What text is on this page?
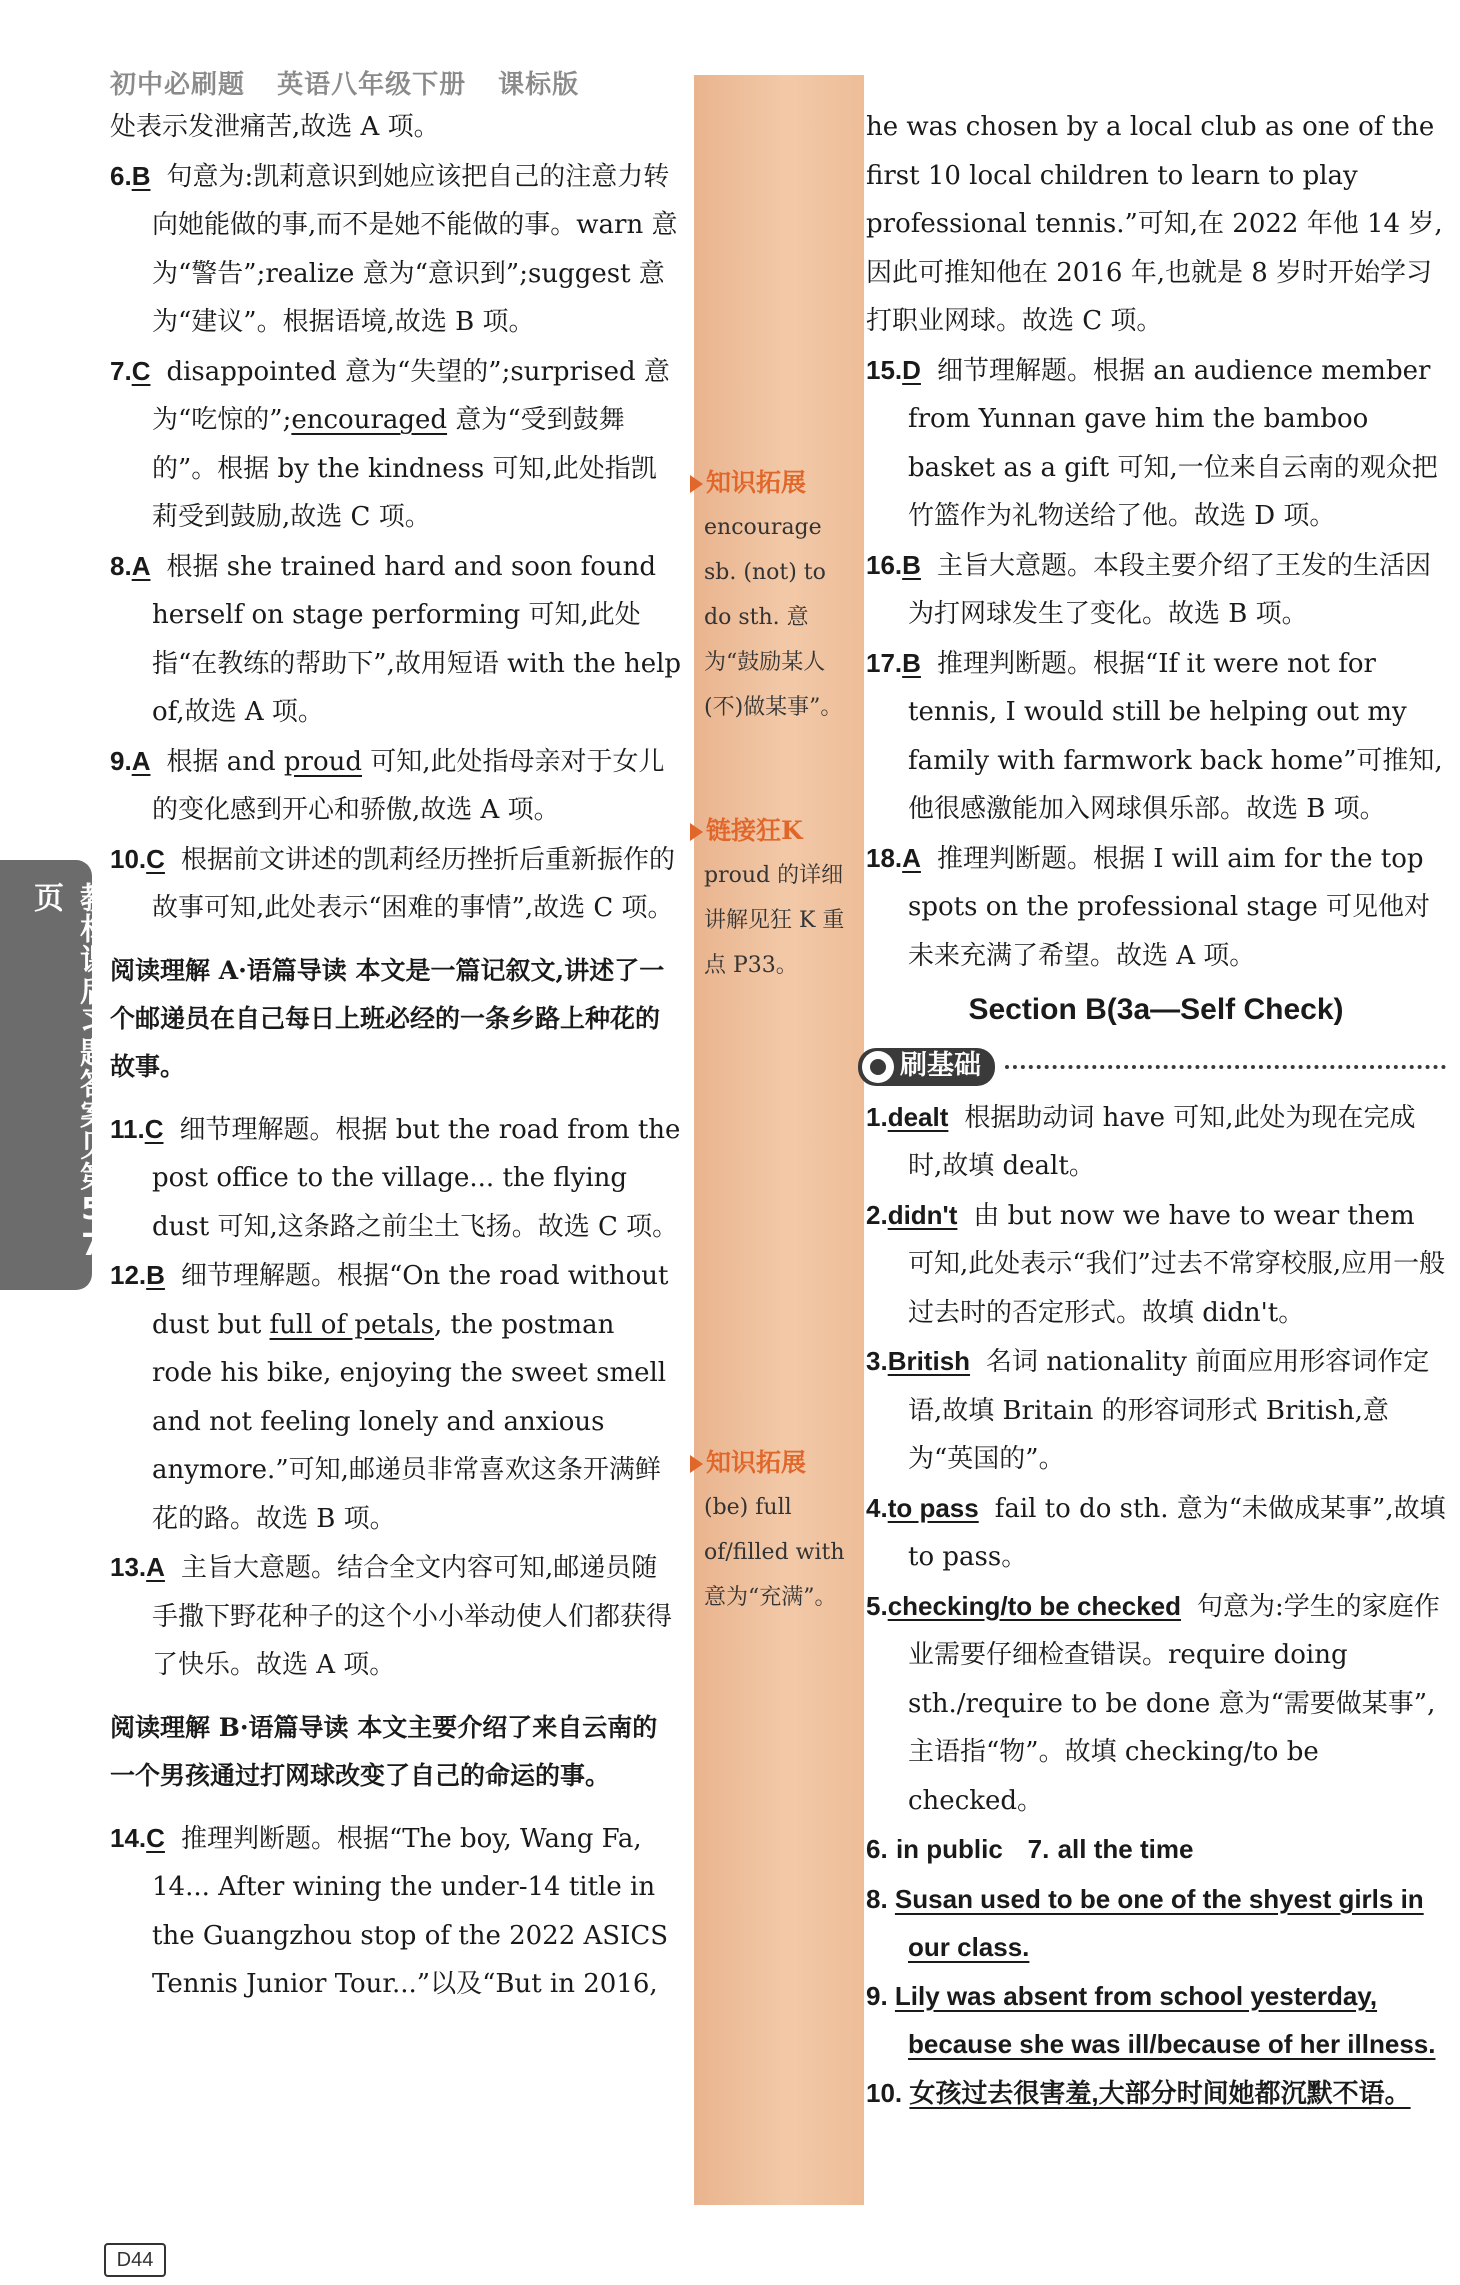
初中必刷题 英语八年级下册 课标版
教材课后习题答案见第57页

处表示发泄痛苦,故选 A 项。

6.B 句意为:凯莉意识到她应该把自己的注意力转向她能做的事,而不是她不能做的事。warn 意为“警告”;realize 意为“意识到”;suggest 意为“建议”。根据语境,故选 B 项。

7.C disappointed 意为“失望的”;surprised 意为“吃惊的”;encouraged 意为“受到鼓舞的”。根据 by the kindness 可知,此处指凯莉受到鼓励,故选 C 项。

8.A 根据 she trained hard and soon found herself on stage performing 可知,此处指“在教练的帮助下”,故用短语 with the help of,故选 A 项。

9.A 根据 and proud 可知,此处指母亲对于女儿的变化感到开心和骄傲,故选 A 项。

10.C 根据前文讲述的凯莉经历挫折后重新振作的故事可知,此处表示“困难的事情”,故选 C 项。

阅读理解 A·语篇导读 本文是一篇记叙文,讲述了一个邮递员在自己每日上班必经的一条乡路上种花的故事。

11.C 细节理解题。根据 but the road from the post office to the village... the flying dust 可知,这条路之前尘土飞扬。故选 C 项。

12.B 细节理解题。根据“On the road without dust but full of petals, the postman rode his bike, enjoying the sweet smell and not feeling lonely and anxious anymore.”可知,邮递员非常喜欢这条开满鲜花的路。故选 B 项。

13.A 主旨大意题。结合全文内容可知,邮递员随手撒下野花种子的这个小小举动使人们都获得了快乐。故选 A 项。

阅读理解 B·语篇导读 本文主要介绍了来自云南的一个男孩通过打网球改变了自己的命运的事。

14.C 推理判断题。根据“The boy, Wang Fa, 14... After wining the under-14 title in the Guangzhou stop of the 2022 ASICS Tennis Junior Tour...”以及“But in 2016,

知识拓展
encourage sb. (not) to do sth. 意为“鼓励某人(不)做某事”。
链接狂K
proud 的详细讲解见狂 K 重点 P33。
知识拓展
(be) full of/filled with 意为“充满”。

he was chosen by a local club as one of the first 10 local children to learn to play professional tennis.”可知,在 2022 年他 14 岁,因此可推知他在 2016 年,也就是 8 岁时开始学习打职业网球。故选 C 项。

15.D 细节理解题。根据 an audience member from Yunnan gave him the bamboo basket as a gift 可知,一位来自云南的观众把竹篮作为礼物送给了他。故选 D 项。

16.B 主旨大意题。本段主要介绍了王发的生活因为打网球发生了变化。故选 B 项。

17.B 推理判断题。根据“If it were not for tennis, I would still be helping out my family with farmwork back home”可推知,他很感激能加入网球俱乐部。故选 B 项。

18.A 推理判断题。根据 I will aim for the top spots on the professional stage 可见他对未来充满了希望。故选 A 项。

Section B(3a—Self Check)

刷基础

1.dealt 根据助动词 have 可知,此处为现在完成时,故填 dealt。

2.didn't 由 but now we have to wear them 可知,此处表示“我们”过去不常穿校服,应用一般过去时的否定形式。故填 didn't。

3.British 名词 nationality 前面应用形容词作定语,故填 Britain 的形容词形式 British,意为“英国的”。

4.to pass fail to do sth. 意为“未做成某事”,故填 to pass。

5.checking/to be checked 句意为:学生的家庭作业需要仔细检查错误。require doing sth./require to be done 意为“需要做某事”,主语指“物”。故填 checking/to be checked。

6. in public 7. all the time

8. Susan used to be one of the shyest girls in our class.

9. Lily was absent from school yesterday, because she was ill/because of her illness.

10. 女孩过去很害羞,大部分时间她都沉默不语。

D44
